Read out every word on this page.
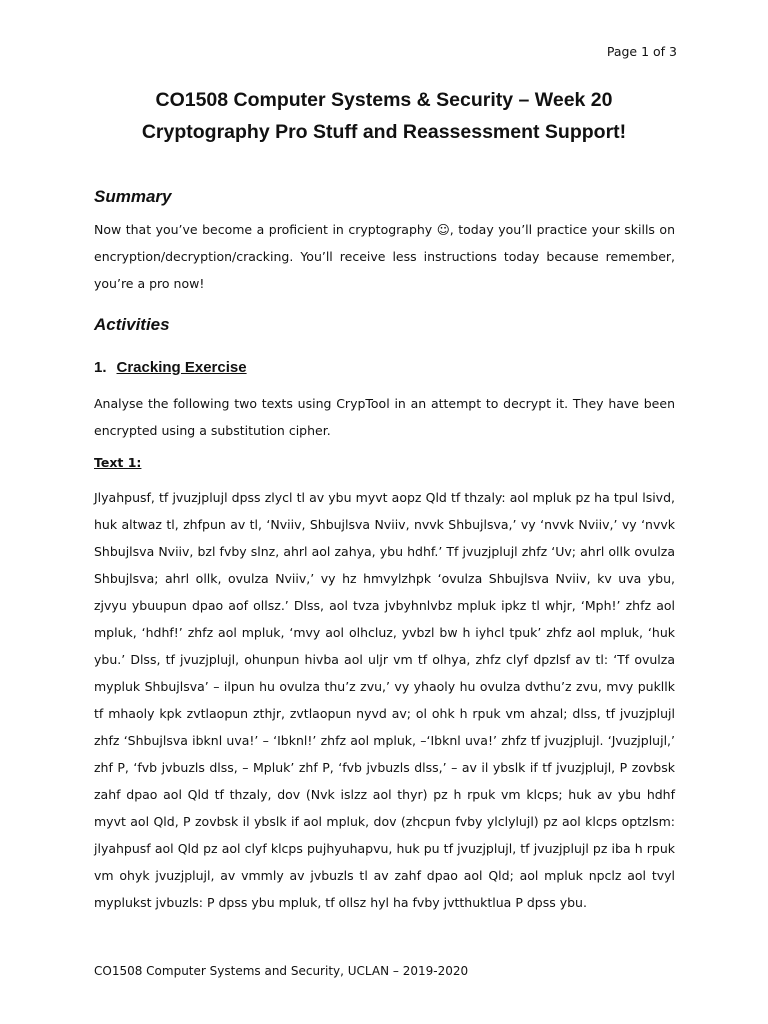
Page 1 of 3
CO1508 Computer Systems & Security – Week 20
Cryptography Pro Stuff and Reassessment Support!
Summary
Now that you’ve become a proficient in cryptography ☺, today you’ll practice your skills on encryption/decryption/cracking. You’ll receive less instructions today because remember, you’re a pro now!
Activities
1. Cracking Exercise
Analyse the following two texts using CrypTool in an attempt to decrypt it. They have been encrypted using a substitution cipher.
Text 1:
Jlyahpusf, tf jvuzjplujl dpss zlycl tl av ybu myvt aopz Qld tf thzaly: aol mpluk pz ha tpul lsivd, huk altwaz tl, zhfpun av tl, ‘Nviiv, Shbujlsva Nviiv, nvvk Shbujlsva,’ vy ‘nvvk Nviiv,’ vy ‘nvvk Shbujlsva Nviiv, bzl fvby slnz, ahrl aol zahya, ybu hdhf.’ Tf jvuzjplujl zhfz ‘Uv; ahrl ollk ovulza Shbujlsva; ahrl ollk, ovulza Nviiv,’ vy hz hmvylzhpk ‘ovulza Shbujlsva Nviiv, kv uva ybu, zjvyu ybuupun dpao aof ollsz.’ Dlss, aol tvza jvbyhnlvbz mpluk ipkz tl whjr, ‘Mph!’ zhfz aol mpluk, ‘hdhf!’ zhfz aol mpluk, ‘mvy aol olhcluz, yvbzl bw h iyhcl tpuk’ zhfz aol mpluk, ‘huk ybu.’ Dlss, tf jvuzjplujl, ohunpun hivba aol uljr vm tf olhya, zhfz clyf dpzlsf av tl: ‘Tf ovulza mypluk Shbujlsva’ – ilpun hu ovulza thu’z zvu,’ vy yhaoly hu ovulza dvthu’z zvu, mvy pukllk tf mhaoly kpk zvtlaopun zthjr, zvtlaopun nyvd av; ol ohk h rpuk vm ahzal; dlss, tf jvuzjplujl zhfz ‘Shbujlsva ibknl uva!’ – ‘Ibknl!’ zhfz aol mpluk, –‘Ibknl uva!’ zhfz tf jvuzjplujl. ‘Jvuzjplujl,’ zhf P, ‘fvb jvbuzls dlss, – Mpluk’ zhf P, ‘fvb jvbuzls dlss,’ – av il ybslk if tf jvuzjplujl, P zovbsk zahf dpao aol Qld tf thzaly, dov (Nvk islzz aol thyr) pz h rpuk vm klcps; huk av ybu hdhf myvt aol Qld, P zovbsk il ybslk if aol mpluk, dov (zhcpun fvby ylclylujl) pz aol klcps optzlsm: jlyahpusf aol Qld pz aol clyf klcps pujhyuhapvu, huk pu tf jvuzjplujl, tf jvuzjplujl pz iba h rpuk vm ohyk jvuzjplujl, av vmmly av jvbuzls tl av zahf dpao aol Qld; aol mpluk npclz aol tvyl myplukst jvbuzls: P dpss ybu mpluk, tf ollsz hyl ha fvby jvtthuktluа P dpss ybu.
CO1508 Computer Systems and Security, UCLAN – 2019-2020
